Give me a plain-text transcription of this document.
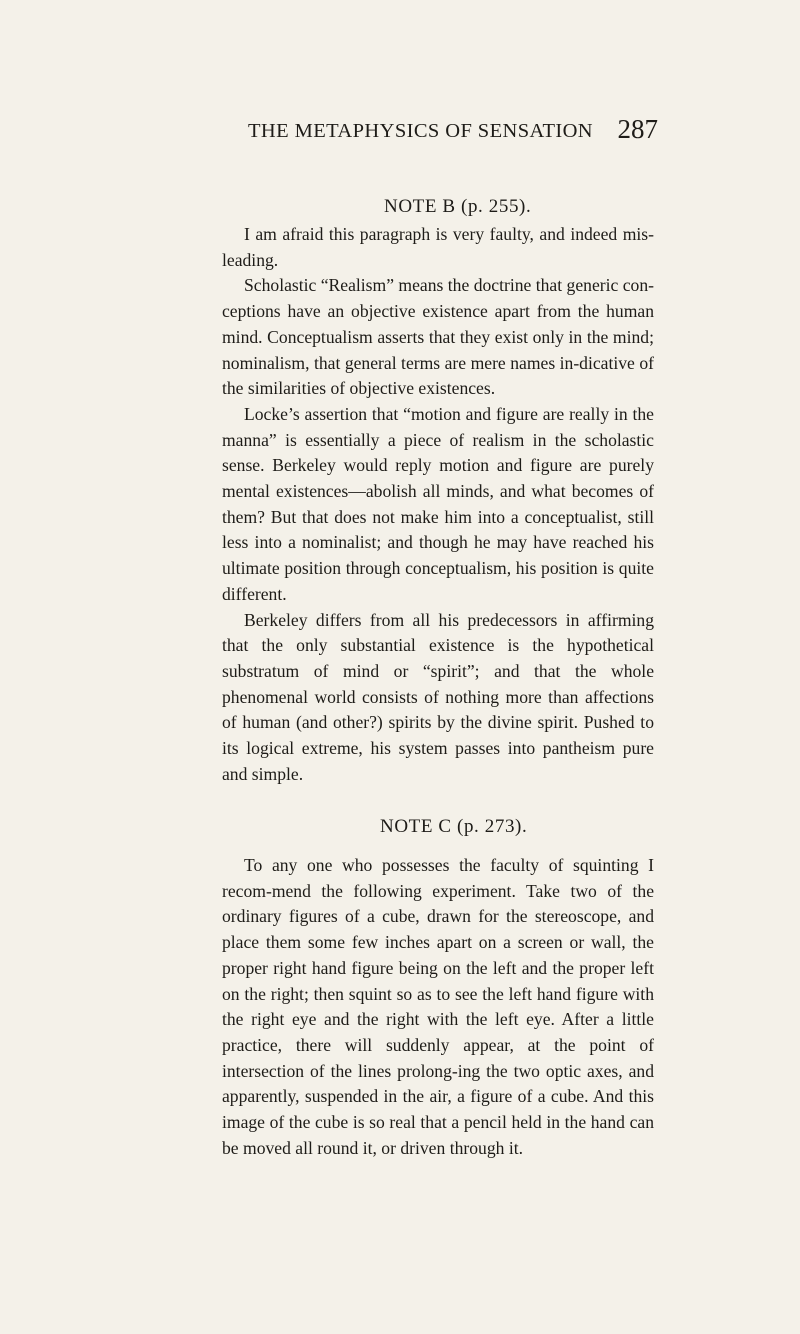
THE METAPHYSICS OF SENSATION 287
NOTE B (p. 255).

I am afraid this paragraph is very faulty, and indeed mis-leading.

Scholastic “Realism” means the doctrine that generic con-ceptions have an objective existence apart from the human mind. Conceptualism asserts that they exist only in the mind; nominalism, that general terms are mere names in-dicative of the similarities of objective existences.

Locke’s assertion that “motion and figure are really in the manna” is essentially a piece of realism in the scholastic sense. Berkeley would reply motion and figure are purely mental existences—abolish all minds, and what becomes of them? But that does not make him into a conceptualist, still less into a nominalist; and though he may have reached his ultimate position through conceptualism, his position is quite different.

Berkeley differs from all his predecessors in affirming that the only substantial existence is the hypothetical substratum of mind or “spirit”; and that the whole phenomenal world consists of nothing more than affections of human (and other?) spirits by the divine spirit. Pushed to its logical extreme, his system passes into pantheism pure and simple.

NOTE C (p. 273).

To any one who possesses the faculty of squinting I recom-mend the following experiment. Take two of the ordinary figures of a cube, drawn for the stereoscope, and place them some few inches apart on a screen or wall, the proper right hand figure being on the left and the proper left on the right; then squint so as to see the left hand figure with the right eye and the right with the left eye. After a little practice, there will suddenly appear, at the point of intersection of the lines prolong-ing the two optic axes, and apparently, suspended in the air, a figure of a cube. And this image of the cube is so real that a pencil held in the hand can be moved all round it, or driven through it.
